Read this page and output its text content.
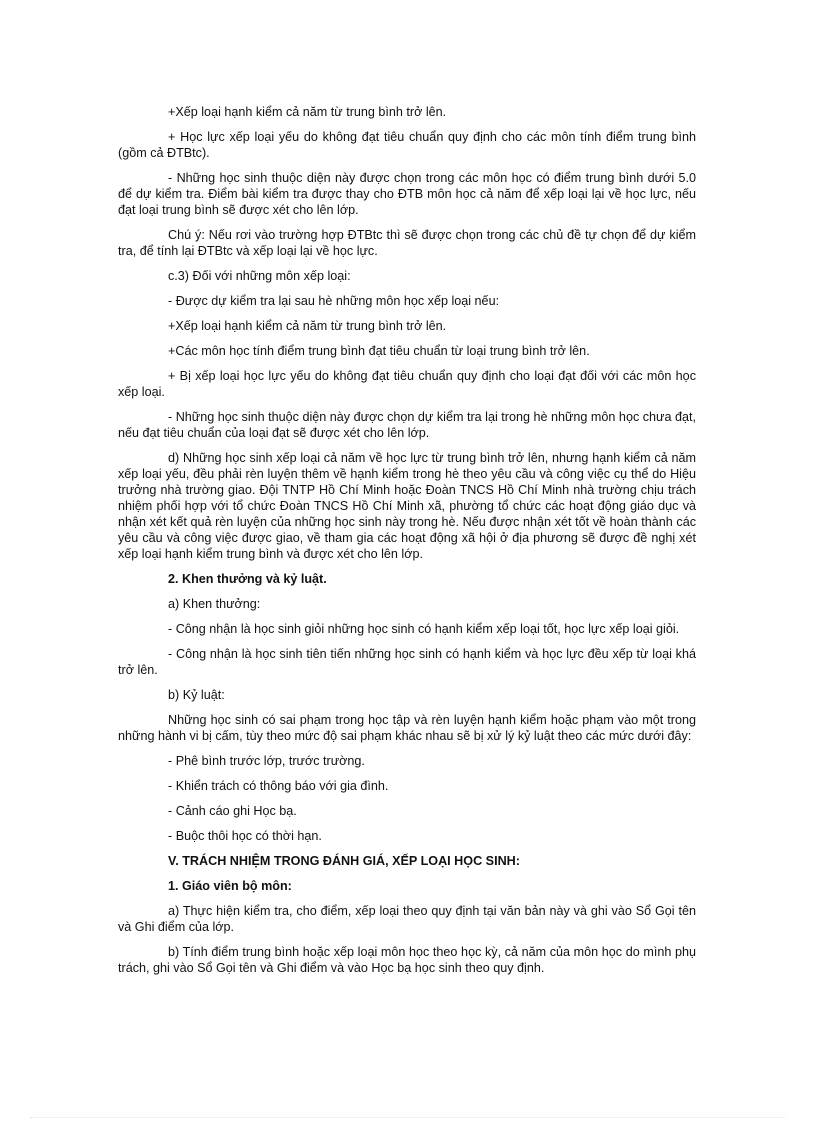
+Xếp loại hạnh kiểm cả năm từ trung bình trở lên.

+ Học lực xếp loại yếu do không đạt tiêu chuẩn quy định cho các môn tính điểm trung bình (gồm cả ĐTBtc).

- Những học sinh thuộc diện này được chọn trong các môn học có điểm trung bình dưới 5.0 để dự kiểm tra. Điểm bài kiểm tra được thay cho ĐTB môn học cả năm để xếp loại lại về học lực, nếu đạt loại trung bình sẽ được xét cho lên lớp.

Chú ý: Nếu rơi vào trường hợp ĐTBtc thì sẽ được chọn trong các chủ đề tự chọn để dự kiểm tra, để tính lại ĐTBtc và xếp loại lại về học lực.

c.3) Đối với những môn xếp loại:

- Được dự kiểm tra lại sau hè những môn học xếp loại nếu:

+Xếp loại hạnh kiểm cả năm từ trung bình trở lên.

+Các môn học tính điểm trung bình đạt tiêu chuẩn từ loại trung bình trở lên.

+ Bị xếp loại học lực yếu do không đạt tiêu chuẩn quy định cho loại đạt đối với các môn học xếp loại.

- Những học sinh thuộc diện này được chọn dự kiểm tra lại trong hè những môn học chưa đạt, nếu đạt tiêu chuẩn của loại đạt sẽ được xét cho lên lớp.

d) Những học sinh xếp loại cả năm về học lực từ trung bình trở lên, nhưng hạnh kiểm cả năm xếp loại yếu, đều phải rèn luyện thêm về hạnh kiểm trong hè theo yêu cầu và công việc cụ thể do Hiệu trưởng nhà trường giao. Đội TNTP Hồ Chí Minh hoặc Đoàn TNCS Hồ Chí Minh nhà trường chịu trách nhiệm phối hợp với tổ chức Đoàn TNCS Hồ Chí Minh xã, phường tổ chức các hoạt động giáo dục và nhận xét kết quả rèn luyện của những học sinh này trong hè. Nếu được nhận xét tốt về hoàn thành các yêu cầu và công việc được giao, về tham gia các hoạt động xã hội ở địa phương sẽ được đề nghị xét xếp loại hạnh kiểm trung bình và được xét cho lên lớp.

2. Khen thưởng và kỷ luật.

a) Khen thưởng:

- Công nhận là học sinh giỏi những học sinh có hạnh kiểm xếp loại tốt, học lực xếp loại giỏi.

- Công nhận là học sinh tiên tiến những học sinh có hạnh kiểm và học lực đều xếp từ loại khá trở lên.

b) Kỷ luật:

Những học sinh có sai phạm trong học tập và rèn luyện hạnh kiểm hoặc phạm vào một trong những hành vi bị cấm, tùy theo mức độ sai phạm khác nhau sẽ bị xử lý kỷ luật theo các mức dưới đây:

- Phê bình trước lớp, trước trường.

- Khiển trách có thông báo với gia đình.

- Cảnh cáo ghi Học bạ.

- Buộc thôi học có thời hạn.

V. TRÁCH NHIỆM TRONG ĐÁNH GIÁ, XẾP LOẠI HỌC SINH:

1. Giáo viên bộ môn:

a) Thực hiện kiểm tra, cho điểm, xếp loại theo quy định tại văn bản này và ghi vào Sổ Gọi tên và Ghi điểm của lớp.

b) Tính điểm trung bình hoặc xếp loại môn học theo học kỳ, cả năm của môn học do mình phụ trách, ghi vào Sổ Gọi tên và Ghi điểm và vào Học bạ học sinh theo quy định.
